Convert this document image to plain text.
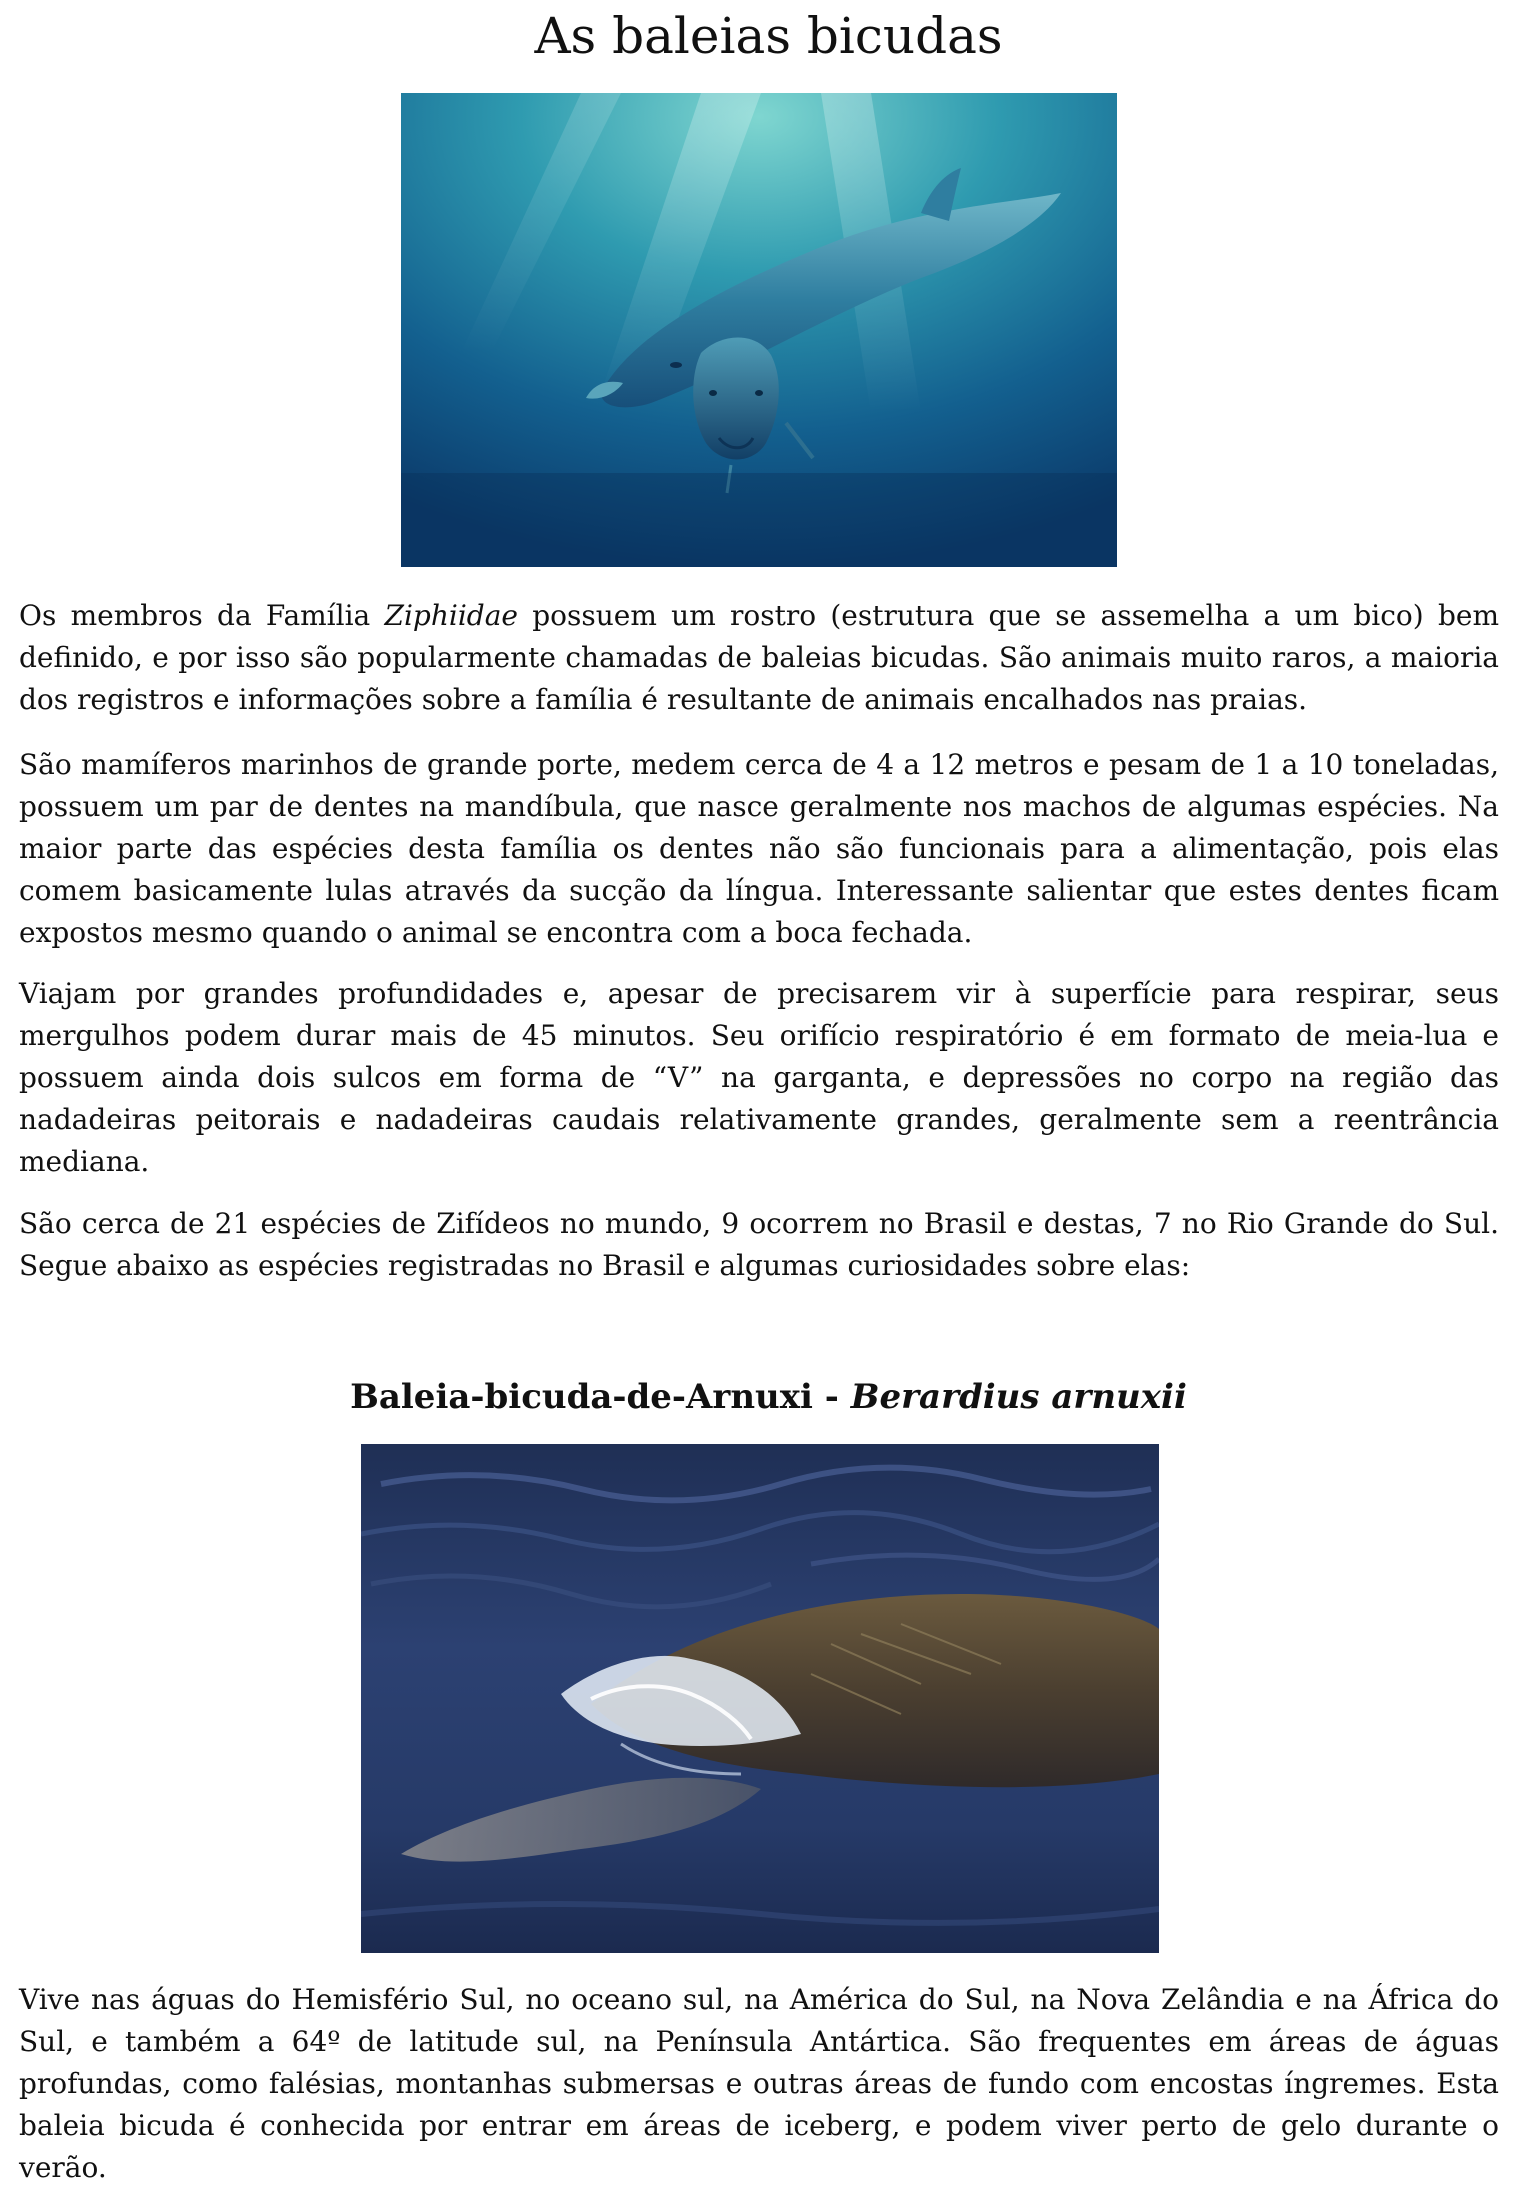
As baleias bicudas

Os membros da Família Ziphiidae possuem um rostro (estrutura que se assemelha a um bico) bem definido, e por isso são popularmente chamadas de baleias bicudas. São animais muito raros, a maioria dos registros e informações sobre a família é resultante de animais encalhados nas praias.

São mamíferos marinhos de grande porte, medem cerca de 4 a 12 metros e pesam de 1 a 10 toneladas, possuem um par de dentes na mandíbula, que nasce geralmente nos machos de algumas espécies. Na maior parte das espécies desta família os dentes não são funcionais para a alimentação, pois elas comem basicamente lulas através da sucção da língua. Interessante salientar que estes dentes ficam expostos mesmo quando o animal se encontra com a boca fechada.

Viajam por grandes profundidades e, apesar de precisarem vir à superfície para respirar, seus mergulhos podem durar mais de 45 minutos. Seu orifício respiratório é em formato de meia-lua e possuem ainda dois sulcos em forma de “V” na garganta, e depressões no corpo na região das nadadeiras peitorais e nadadeiras caudais relativamente grandes, geralmente sem a reentrância mediana.

São cerca de 21 espécies de Zifídeos no mundo, 9 ocorrem no Brasil e destas, 7 no Rio Grande do Sul. Segue abaixo as espécies registradas no Brasil e algumas curiosidades sobre elas:

Baleia-bicuda-de-Arnuxi - Berardius arnuxii

Vive nas águas do Hemisfério Sul, no oceano sul, na América do Sul, na Nova Zelândia e na África do Sul, e também a 64º de latitude sul, na Península Antártica. São frequentes em áreas de águas profundas, como falésias, montanhas submersas e outras áreas de fundo com encostas íngremes. Esta baleia bicuda é conhecida por entrar em áreas de iceberg, e podem viver perto de gelo durante o verão.
